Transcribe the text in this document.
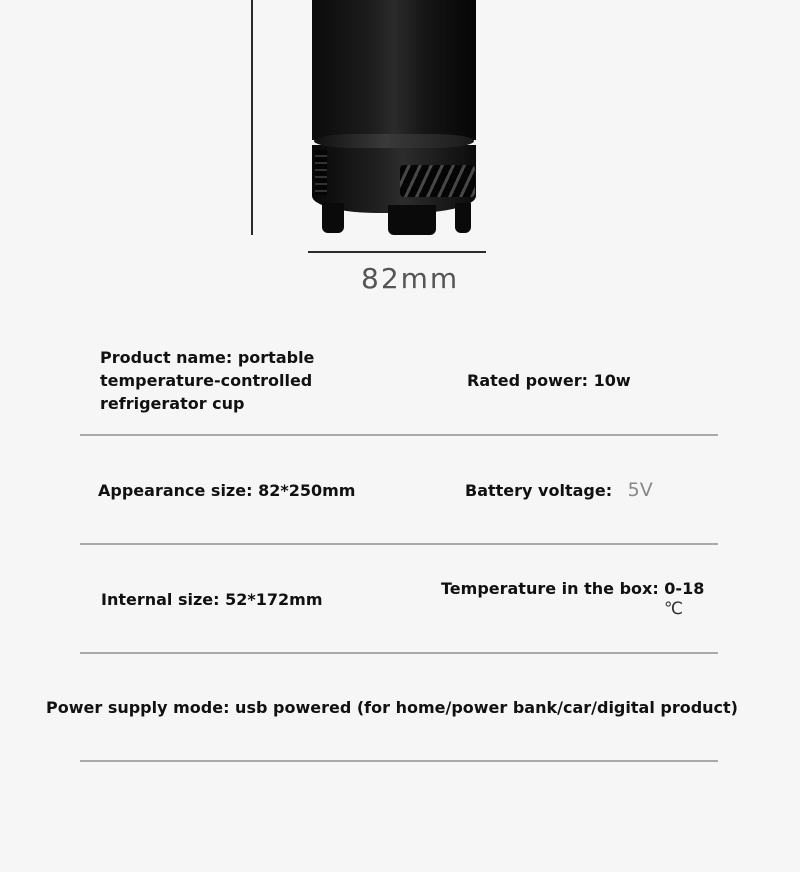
82mm
Product name: portable temperature-controlled refrigerator cup
Rated power: 10w
Appearance size: 82*250mm	Battery voltage: 5V
Internal size: 52*172mm
Temperature in the box: 0-18
℃
Power supply mode: usb powered (for home/power bank/car/digital product)
